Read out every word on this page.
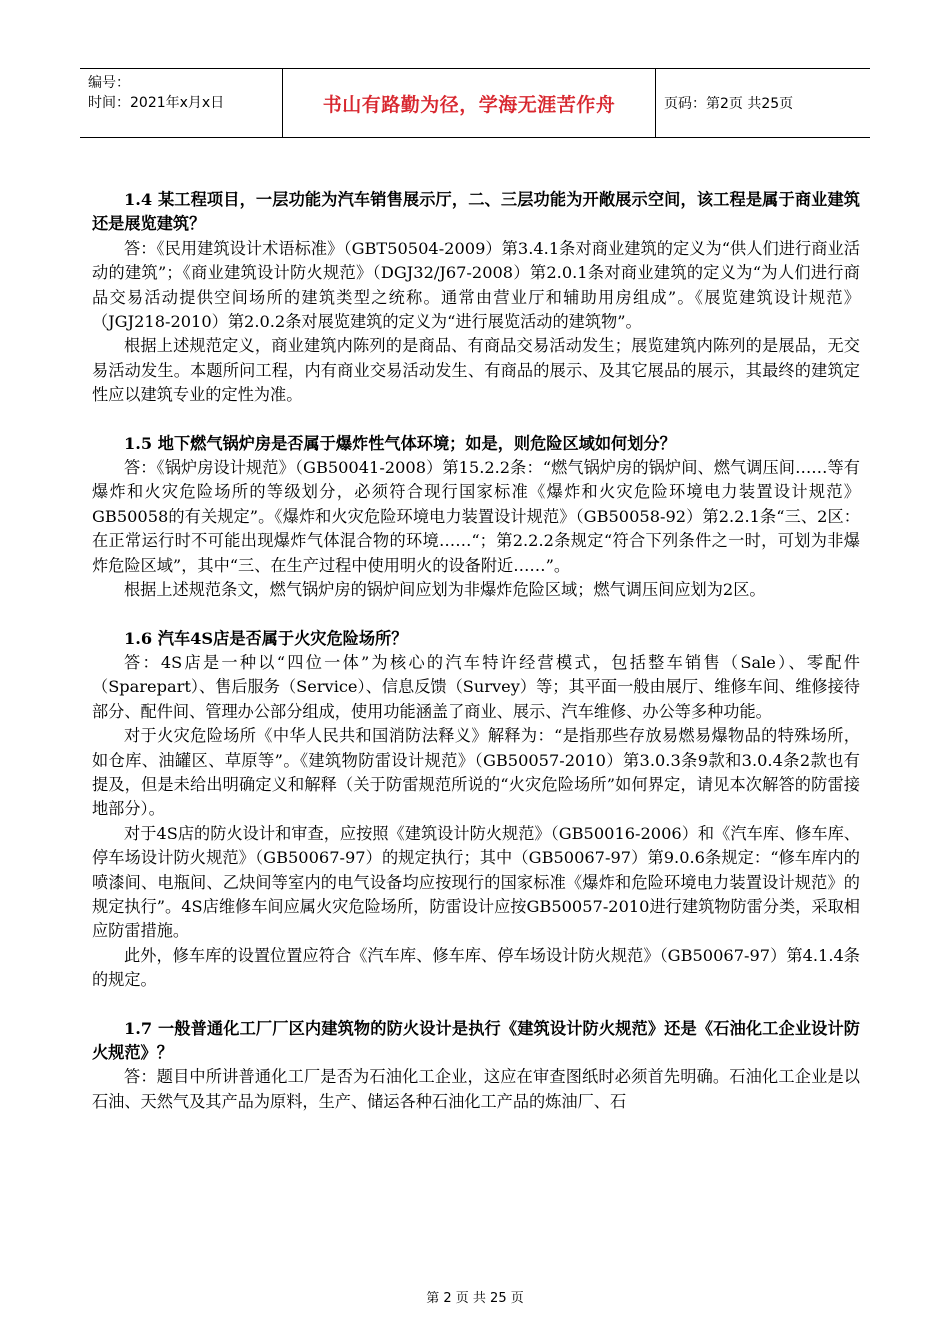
编号：
时间：2021年x月x日	书山有路勤为径，学海无涯苦作舟	页码：第2页 共25页

1.4 某工程项目，一层功能为汽车销售展示厅，二、三层功能为开敞展示空间，该工程是属于商业建筑还是展览建筑？

答：《民用建筑设计术语标准》（GBT50504-2009）第3.4.1条对商业建筑的定义为“供人们进行商业活动的建筑”；《商业建筑设计防火规范》（DGJ32/J67-2008）第2.0.1条对商业建筑的定义为“为人们进行商品交易活动提供空间场所的建筑类型之统称。通常由营业厅和辅助用房组成”。《展览建筑设计规范》（JGJ218-2010）第2.0.2条对展览建筑的定义为“进行展览活动的建筑物”。

根据上述规范定义，商业建筑内陈列的是商品、有商品交易活动发生；展览建筑内陈列的是展品，无交易活动发生。本题所问工程，内有商业交易活动发生、有商品的展示、及其它展品的展示，其最终的建筑定性应以建筑专业的定性为准。

1.5 地下燃气锅炉房是否属于爆炸性气体环境；如是，则危险区域如何划分？

答：《锅炉房设计规范》（GB50041-2008）第15.2.2条：“燃气锅炉房的锅炉间、燃气调压间……等有爆炸和火灾危险场所的等级划分，必须符合现行国家标准《爆炸和火灾危险环境电力装置设计规范》GB50058的有关规定”。《爆炸和火灾危险环境电力装置设计规范》（GB50058-92）第2.2.1条“三、2区：在正常运行时不可能出现爆炸气体混合物的环境……“；第2.2.2条规定“符合下列条件之一时，可划为非爆炸危险区域”，其中“三、在生产过程中使用明火的设备附近……”。

根据上述规范条文，燃气锅炉房的锅炉间应划为非爆炸危险区域；燃气调压间应划为2区。

1.6 汽车4S店是否属于火灾危险场所？

答：4S店是一种以“四位一体”为核心的汽车特许经营模式，包括整车销售（Sale）、零配件（Sparepart）、售后服务（Service）、信息反馈（Survey）等；其平面一般由展厅、维修车间、维修接待部分、配件间、管理办公部分组成，使用功能涵盖了商业、展示、汽车维修、办公等多种功能。

对于火灾危险场所《中华人民共和国消防法释义》解释为：“是指那些存放易燃易爆物品的特殊场所，如仓库、油罐区、草原等”。《建筑物防雷设计规范》（GB50057-2010）第3.0.3条9款和3.0.4条2款也有提及，但是未给出明确定义和解释（关于防雷规范所说的“火灾危险场所”如何界定，请见本次解答的防雷接地部分）。

对于4S店的防火设计和审查，应按照《建筑设计防火规范》（GB50016-2006）和《汽车库、修车库、停车场设计防火规范》（GB50067-97）的规定执行；其中（GB50067-97）第9.0.6条规定：“修车库内的喷漆间、电瓶间、乙炔间等室内的电气设备均应按现行的国家标准《爆炸和危险环境电力装置设计规范》的规定执行”。4S店维修车间应属火灾危险场所，防雷设计应按GB50057-2010进行建筑物防雷分类，采取相应防雷措施。

此外，修车库的设置位置应符合《汽车库、修车库、停车场设计防火规范》（GB50067-97）第4.1.4条的规定。

1.7 一般普通化工厂厂区内建筑物的防火设计是执行《建筑设计防火规范》还是《石油化工企业设计防火规范》？

答：题目中所讲普通化工厂是否为石油化工企业，这应在审查图纸时必须首先明确。石油化工企业是以石油、天然气及其产品为原料，生产、储运各种石油化工产品的炼油厂、石

第 2 页 共 25 页
